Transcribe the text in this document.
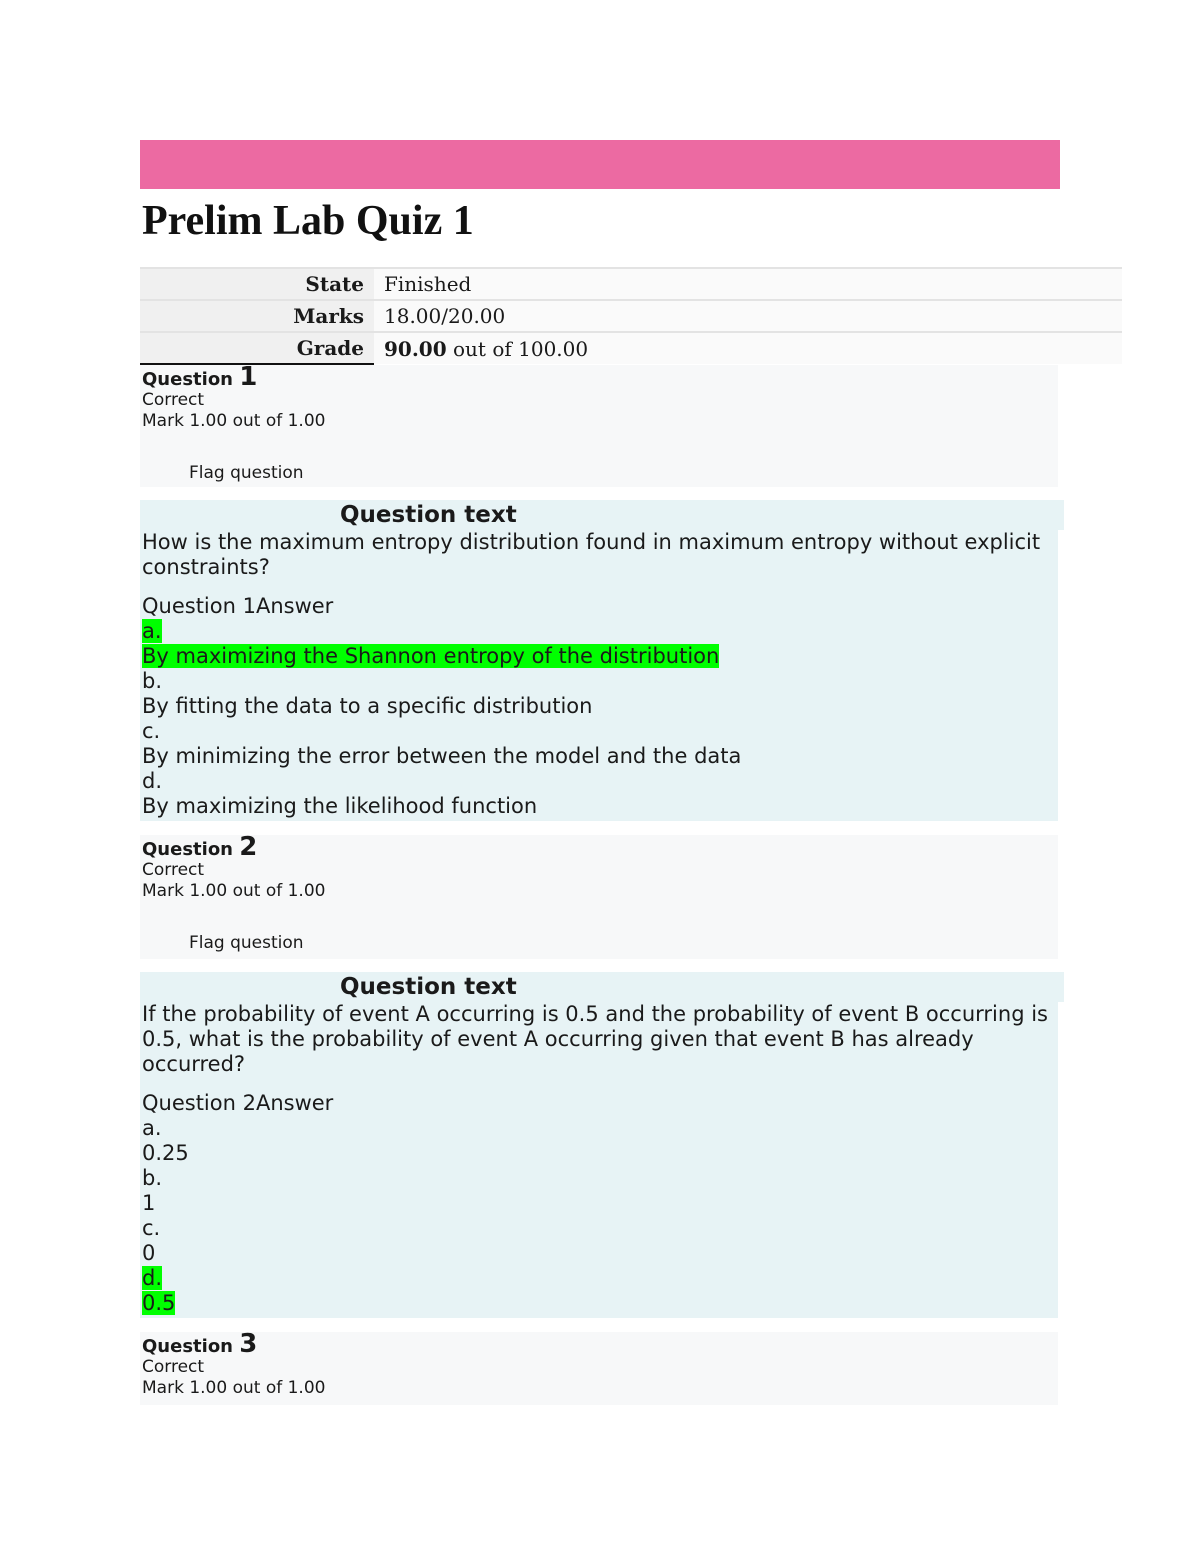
Prelim Lab Quiz 1
State	Finished
Marks	18.00/20.00
Grade	90.00 out of 100.00
Question 1
Correct
Mark 1.00 out of 1.00
Flag question
Question text

How is the maximum entropy distribution found in maximum entropy without explicit constraints?

Question 1Answer

a.
By maximizing the Shannon entropy of the distribution
b.
By fitting the data to a specific distribution
c.
By minimizing the error between the model and the data
d.
By maximizing the likelihood function
Question 2
Correct
Mark 1.00 out of 1.00
Flag question
Question text

If the probability of event A occurring is 0.5 and the probability of event B occurring is 0.5, what is the probability of event A occurring given that event B has already occurred?

Question 2Answer

a.
0.25
b.
1
c.
0
d.
0.5
Question 3
Correct
Mark 1.00 out of 1.00
